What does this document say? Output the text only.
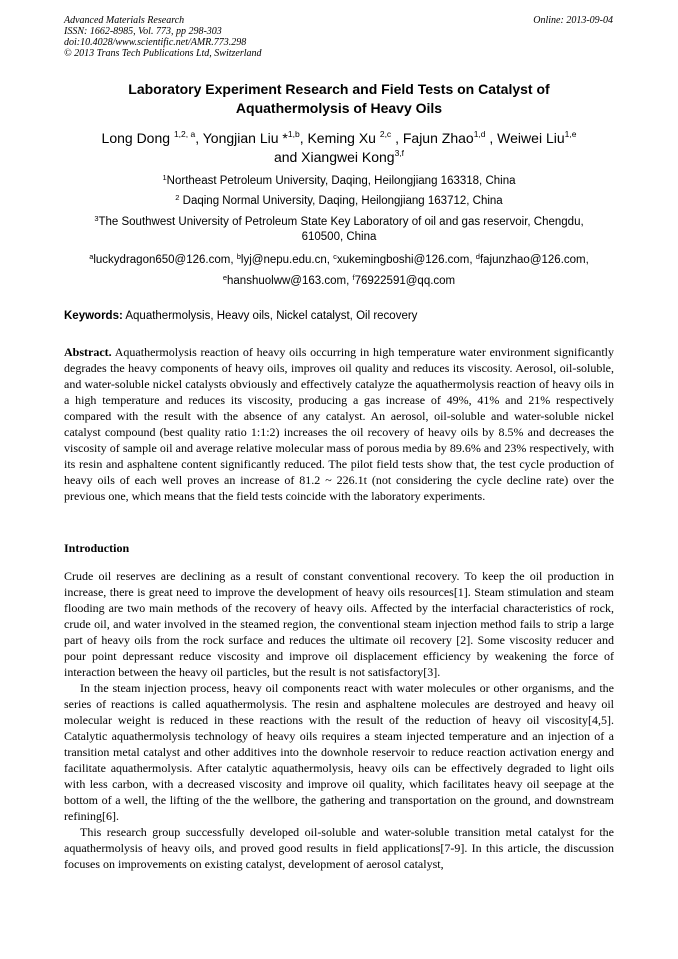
Advanced Materials Research
ISSN: 1662-8985, Vol. 773, pp 298-303
doi:10.4028/www.scientific.net/AMR.773.298
© 2013 Trans Tech Publications Ltd, Switzerland
Online: 2013-09-04
Laboratory Experiment Research and Field Tests on Catalyst of
Aquathermolysis of Heavy Oils
Long Dong $^{1,2, a}$, Yongjian Liu *$^{1,b}$, Keming Xu $^{2,c}$ , Fajun Zhao$^{1,d}$ , Weiwei Liu$^{1,e}$
and Xiangwei Kong$^{3,f}$
$^1$Northeast Petroleum University, Daqing, Heilongjiang 163318, China
$^2$ Daqing Normal University, Daqing, Heilongjiang 163712, China
$^3$The Southwest University of Petroleum State Key Laboratory of oil and gas reservoir, Chengdu,
610500, China
$^a$luckydragon650@126.com, $^b$lyj@nepu.edu.cn, $^c$xukemingboshi@126.com, $^d$fajunzhao@126.com,
$^e$hanshuolww@163.com, $^f$76922591@qq.com
Keywords: Aquathermolysis, Heavy oils, Nickel catalyst, Oil recovery

Abstract. Aquathermolysis reaction of heavy oils occurring in high temperature water environment significantly degrades the heavy components of heavy oils, improves oil quality and reduces its viscosity. Aerosol, oil-soluble, and water-soluble nickel catalysts obviously and effectively catalyze the aquathermolysis reaction of heavy oils in a high temperature and reduces its viscosity, producing a gas increase of 49%, 41% and 21% respectively compared with the result with the absence of any catalyst. An aerosol, oil-soluble and water-soluble nickel catalyst compound (best quality ratio 1:1:2) increases the oil recovery of heavy oils by 8.5% and decreases the viscosity of sample oil and average relative molecular mass of porous media by 89.6% and 23% respectively, with its resin and asphaltene content significantly reduced. The pilot field tests show that, the test cycle production of heavy oils of each well proves an increase of 81.2 ~ 226.1t (not considering the cycle decline rate) over the previous one, which means that the field tests coincide with the laboratory experiments.

Introduction

Crude oil reserves are declining as a result of constant conventional recovery. To keep the oil production in increase, there is great need to improve the development of heavy oils resources[1]. Steam stimulation and steam flooding are two main methods of the recovery of heavy oils. Affected by the interfacial characteristics of rock, crude oil, and water involved in the steamed region, the conventional steam injection method fails to strip a large part of heavy oils from the rock surface and reduces the ultimate oil recovery [2]. Some viscosity reducer and pour point depressant reduce viscosity and improve oil displacement efficiency by weakening the force of interaction between the heavy oil particles, but the result is not satisfactory[3].

In the steam injection process, heavy oil components react with water molecules or other organisms, and the series of reactions is called aquathermolysis. The resin and asphaltene molecules are destroyed and heavy oil molecular weight is reduced in these reactions with the result of the reduction of heavy oil viscosity[4,5]. Catalytic aquathermolysis technology of heavy oils requires a steam injected temperature and an injection of a transition metal catalyst and other additives into the downhole reservoir to reduce reaction activation energy and facilitate aquathermolysis. After catalytic aquathermolysis, heavy oils can be effectively degraded to light oils with less carbon, with a decreased viscosity and improve oil quality, which facilitates heavy oil seepage at the bottom of a well, the lifting of the the wellbore, the gathering and transportation on the ground, and downstream refining[6].

This research group successfully developed oil-soluble and water-soluble transition metal catalyst for the aquathermolysis of heavy oils, and proved good results in field applications[7-9]. In this article, the discussion focuses on improvements on existing catalyst, development of aerosol catalyst,
